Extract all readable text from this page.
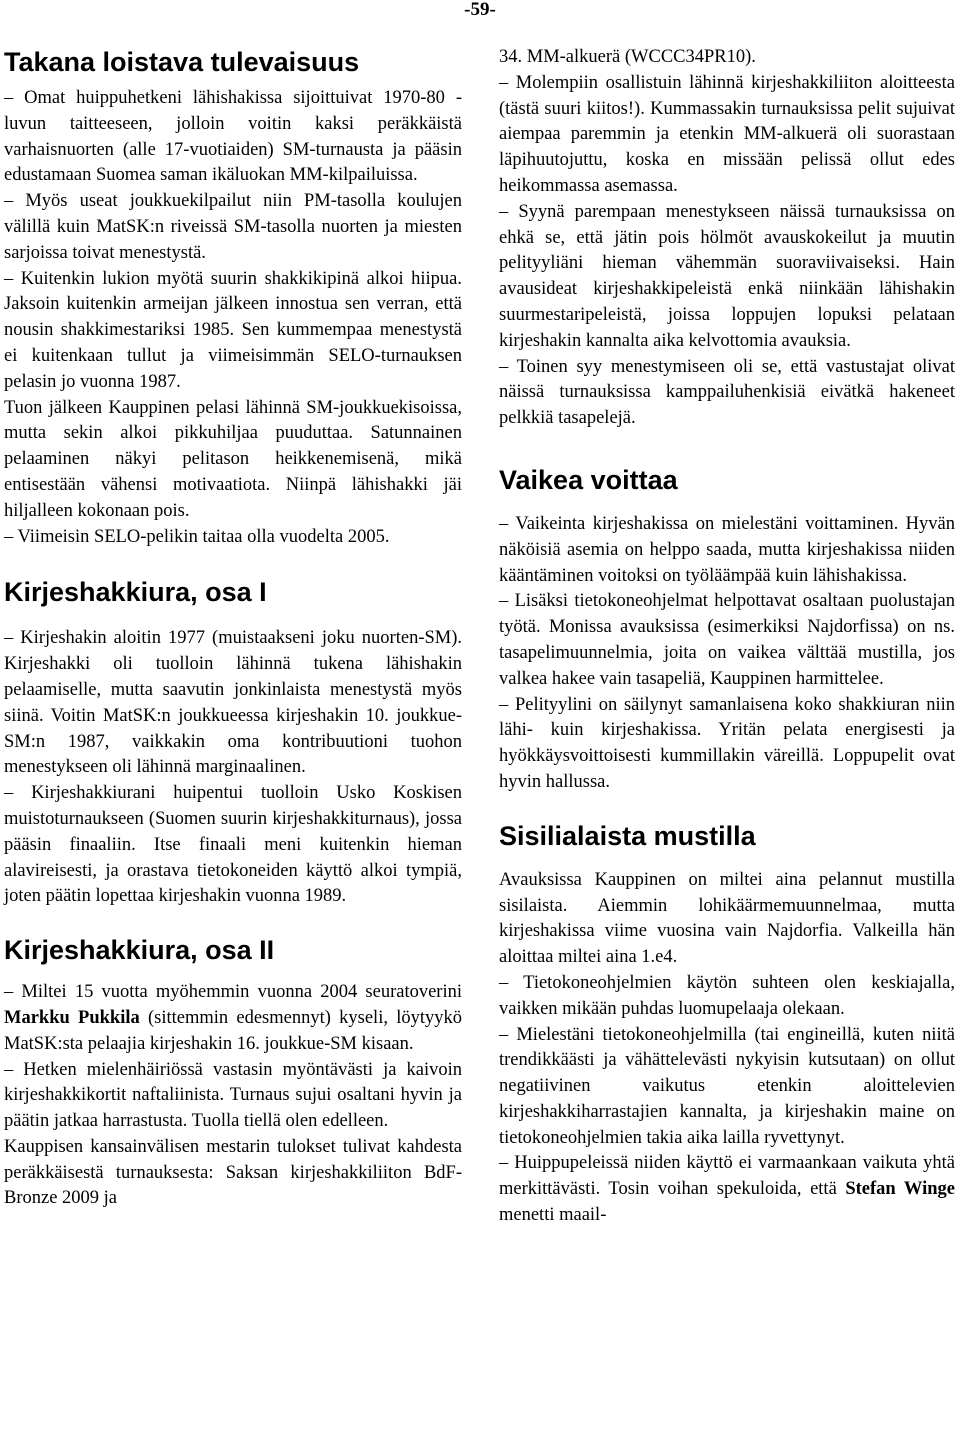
-59-
Takana loistava tulevaisuus

– Omat huippuhetkeni lähishakissa sijoittuivat 1970-80 -luvun taitteeseen, jolloin voitin kaksi peräkkäistä varhaisnuorten (alle 17-vuotiaiden) SM-turnausta ja pääsin edustamaan Suomea saman ikäluokan MM-kilpailuissa.

– Myös useat joukkuekilpailut niin PM-tasolla koulujen välillä kuin MatSK:n riveissä SM-tasolla nuorten ja miesten sarjoissa toivat menestystä.

– Kuitenkin lukion myötä suurin shakkikipinä alkoi hiipua. Jaksoin kuitenkin armeijan jälkeen innostua sen verran, että nousin shakkimestariksi 1985. Sen kummempaa menestystä ei kuitenkaan tullut ja viimeisimmän SELO-turnauksen pelasin jo vuonna 1987.

Tuon jälkeen Kauppinen pelasi lähinnä SM-joukkuekisoissa, mutta sekin alkoi pikkuhiljaa puuduttaa. Satunnainen pelaaminen näkyi pelitason heikkenemisenä, mikä entisestään vähensi motivaatiota. Niinpä lähishakki jäi hiljalleen kokonaan pois.

– Viimeisin SELO-pelikin taitaa olla vuodelta 2005.

Kirjeshakkiura, osa I

– Kirjeshakin aloitin 1977 (muistaakseni joku nuorten-SM). Kirjeshakki oli tuolloin lähinnä tukena lähishakin pelaamiselle, mutta saavutin jonkinlaista menestystä myös siinä. Voitin MatSK:n joukkueessa kirjeshakin 10. joukkue-SM:n 1987, vaikkakin oma kontribuutioni tuohon menestykseen oli lähinnä marginaalinen.

– Kirjeshakkiurani huipentui tuolloin Usko Koskisen muistoturnaukseen (Suomen suurin kirjeshakkiturnaus), jossa pääsin finaaliin. Itse finaali meni kuitenkin hieman alavireisesti, ja orastava tietokoneiden käyttö alkoi tympiä, joten päätin lopettaa kirjeshakin vuonna 1989.

Kirjeshakkiura, osa II

– Miltei 15 vuotta myöhemmin vuonna 2004 seuratoverini Markku Pukkila (sittemmin edesmennyt) kyseli, löytyykö MatSK:sta pelaajia kirjeshakin 16. joukkue-SM kisaan.

– Hetken mielenhäiriössä vastasin myöntävästi ja kaivoin kirjeshakkikortit naftaliinista. Turnaus sujui osaltani hyvin ja päätin jatkaa harrastusta. Tuolla tiellä olen edelleen.

Kauppisen kansainvälisen mestarin tulokset tulivat kahdesta peräkkäisestä turnauksesta: Saksan kirjeshakkiliiton BdF-Bronze 2009 ja

34. MM-alkuerä (WCCC34PR10).

– Molempiin osallistuin lähinnä kirjeshakkiliiton aloitteesta (tästä suuri kiitos!). Kummassakin turnauksissa pelit sujuivat aiempaa paremmin ja etenkin MM-alkuerä oli suorastaan läpihuutojuttu, koska en missään pelissä ollut edes heikommassa asemassa.

– Syynä parempaan menestykseen näissä turnauksissa on ehkä se, että jätin pois hölmöt avauskokeilut ja muutin pelityyliäni hieman vähemmän suoraviivaiseksi. Hain avausideat kirjeshakkipeleistä enkä niinkään lähishakin suurmestaripeleistä, joissa loppujen lopuksi pelataan kirjeshakin kannalta aika kelvottomia avauksia.

– Toinen syy menestymiseen oli se, että vastustajat olivat näissä turnauksissa kamppailuhenkisiä eivätkä hakeneet pelkkiä tasapelejä.

Vaikea voittaa

– Vaikeinta kirjeshakissa on mielestäni voittaminen. Hyvän näköisiä asemia on helppo saada, mutta kirjeshakissa niiden kääntäminen voitoksi on työläämpää kuin lähishakissa.

– Lisäksi tietokoneohjelmat helpottavat osaltaan puolustajan työtä. Monissa avauksissa (esimerkiksi Najdorfissa) on ns. tasapelimuunnelmia, joita on vaikea välttää mustilla, jos valkea hakee vain tasapeliä, Kauppinen harmittelee.

– Pelityylini on säilynyt samanlaisena koko shakkiuran niin lähi- kuin kirjeshakissa. Yritän pelata energisesti ja hyökkäysvoittoisesti kummillakin väreillä. Loppupelit ovat hyvin hallussa.

Sisilialaista mustilla

Avauksissa Kauppinen on miltei aina pelannut mustilla sisilaista. Aiemmin lohikäärmemuunnelmaa, mutta kirjeshakissa viime vuosina vain Najdorfia. Valkeilla hän aloittaa miltei aina 1.e4.

– Tietokoneohjelmien käytön suhteen olen keskiajalla, vaikken mikään puhdas luomupelaaja olekaan.

– Mielestäni tietokoneohjelmilla (tai engineillä, kuten niitä trendikkäästi ja vähättelevästi nykyisin kutsutaan) on ollut negatiivinen vaikutus etenkin aloittelevien kirjeshakkiharrastajien kannalta, ja kirjeshakin maine on tietokoneohjelmien takia aika lailla ryvettynyt.

– Huippupeleissä niiden käyttö ei varmaankaan vaikuta yhtä merkittävästi. Tosin voihan spekuloida, että Stefan Winge menetti maail-
